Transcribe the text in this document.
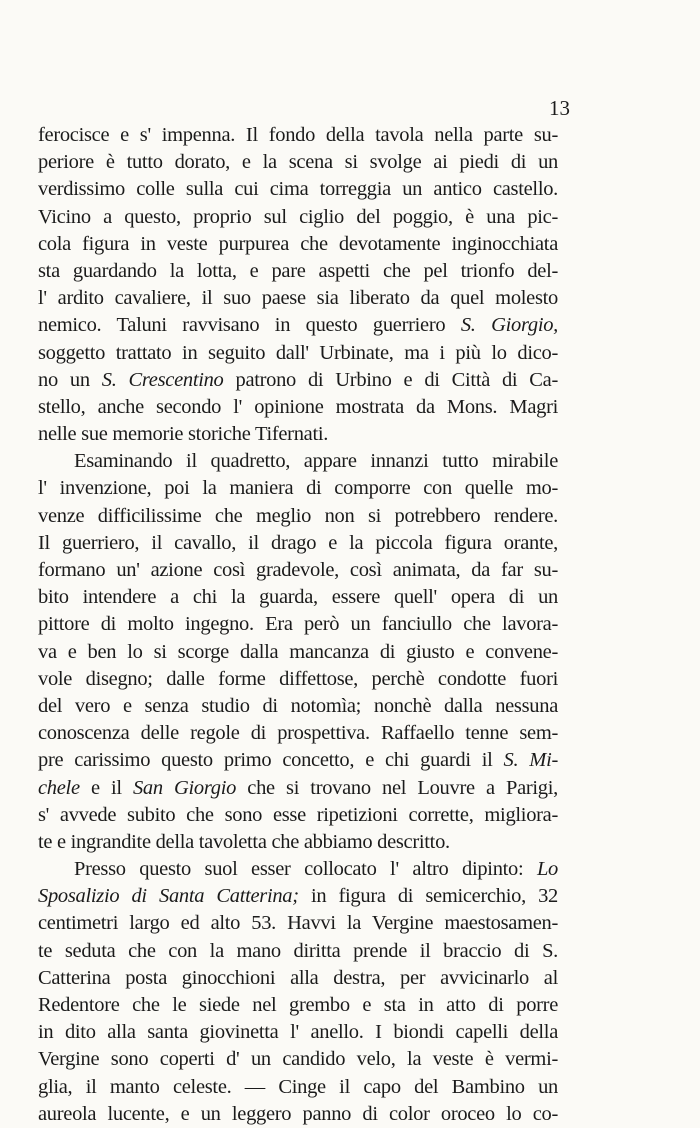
13
ferocisce e s' impenna. Il fondo della tavola nella parte su-
periore è tutto dorato, e la scena si svolge ai piedi di un
verdissimo colle sulla cui cima torreggia un antico castello.
Vicino a questo, proprio sul ciglio del poggio, è una pic-
cola figura in veste purpurea che devotamente inginocchiata
sta guardando la lotta, e pare aspetti che pel trionfo del-
l' ardito cavaliere, il suo paese sia liberato da quel molesto
nemico. Taluni ravvisano in questo guerriero S. Giorgio,
soggetto trattato in seguito dall' Urbinate, ma i più lo dico-
no un S. Crescentino patrono di Urbino e di Città di Ca-
stello, anche secondo l' opinione mostrata da Mons. Magri
nelle sue memorie storiche Tifernati.
Esaminando il quadretto, appare innanzi tutto mirabile
l' invenzione, poi la maniera di comporre con quelle mo-
venze difficilissime che meglio non si potrebbero rendere.
Il guerriero, il cavallo, il drago e la piccola figura orante,
formano un' azione così gradevole, così animata, da far su-
bito intendere a chi la guarda, essere quell' opera di un
pittore di molto ingegno. Era però un fanciullo che lavora-
va e ben lo si scorge dalla mancanza di giusto e convene-
vole disegno; dalle forme diffettose, perchè condotte fuori
del vero e senza studio di notomìa; nonchè dalla nessuna
conoscenza delle regole di prospettiva. Raffaello tenne sem-
pre carissimo questo primo concetto, e chi guardi il S. Mi-
chele e il San Giorgio che si trovano nel Louvre a Parigi,
s' avvede subito che sono esse ripetizioni corrette, migliora-
te e ingrandite della tavoletta che abbiamo descritto.
Presso questo suol esser collocato l' altro dipinto: Lo
Sposalizio di Santa Catterina; in figura di semicerchio, 32
centimetri largo ed alto 53. Havvi la Vergine maestosamen-
te seduta che con la mano diritta prende il braccio di S.
Catterina posta ginocchioni alla destra, per avvicinarlo al
Redentore che le siede nel grembo e sta in atto di porre
in dito alla santa giovinetta l' anello. I biondi capelli della
Vergine sono coperti d' un candido velo, la veste è vermi-
glia, il manto celeste. — Cinge il capo del Bambino un
aureola lucente, e un leggero panno di color oroceo lo co-
